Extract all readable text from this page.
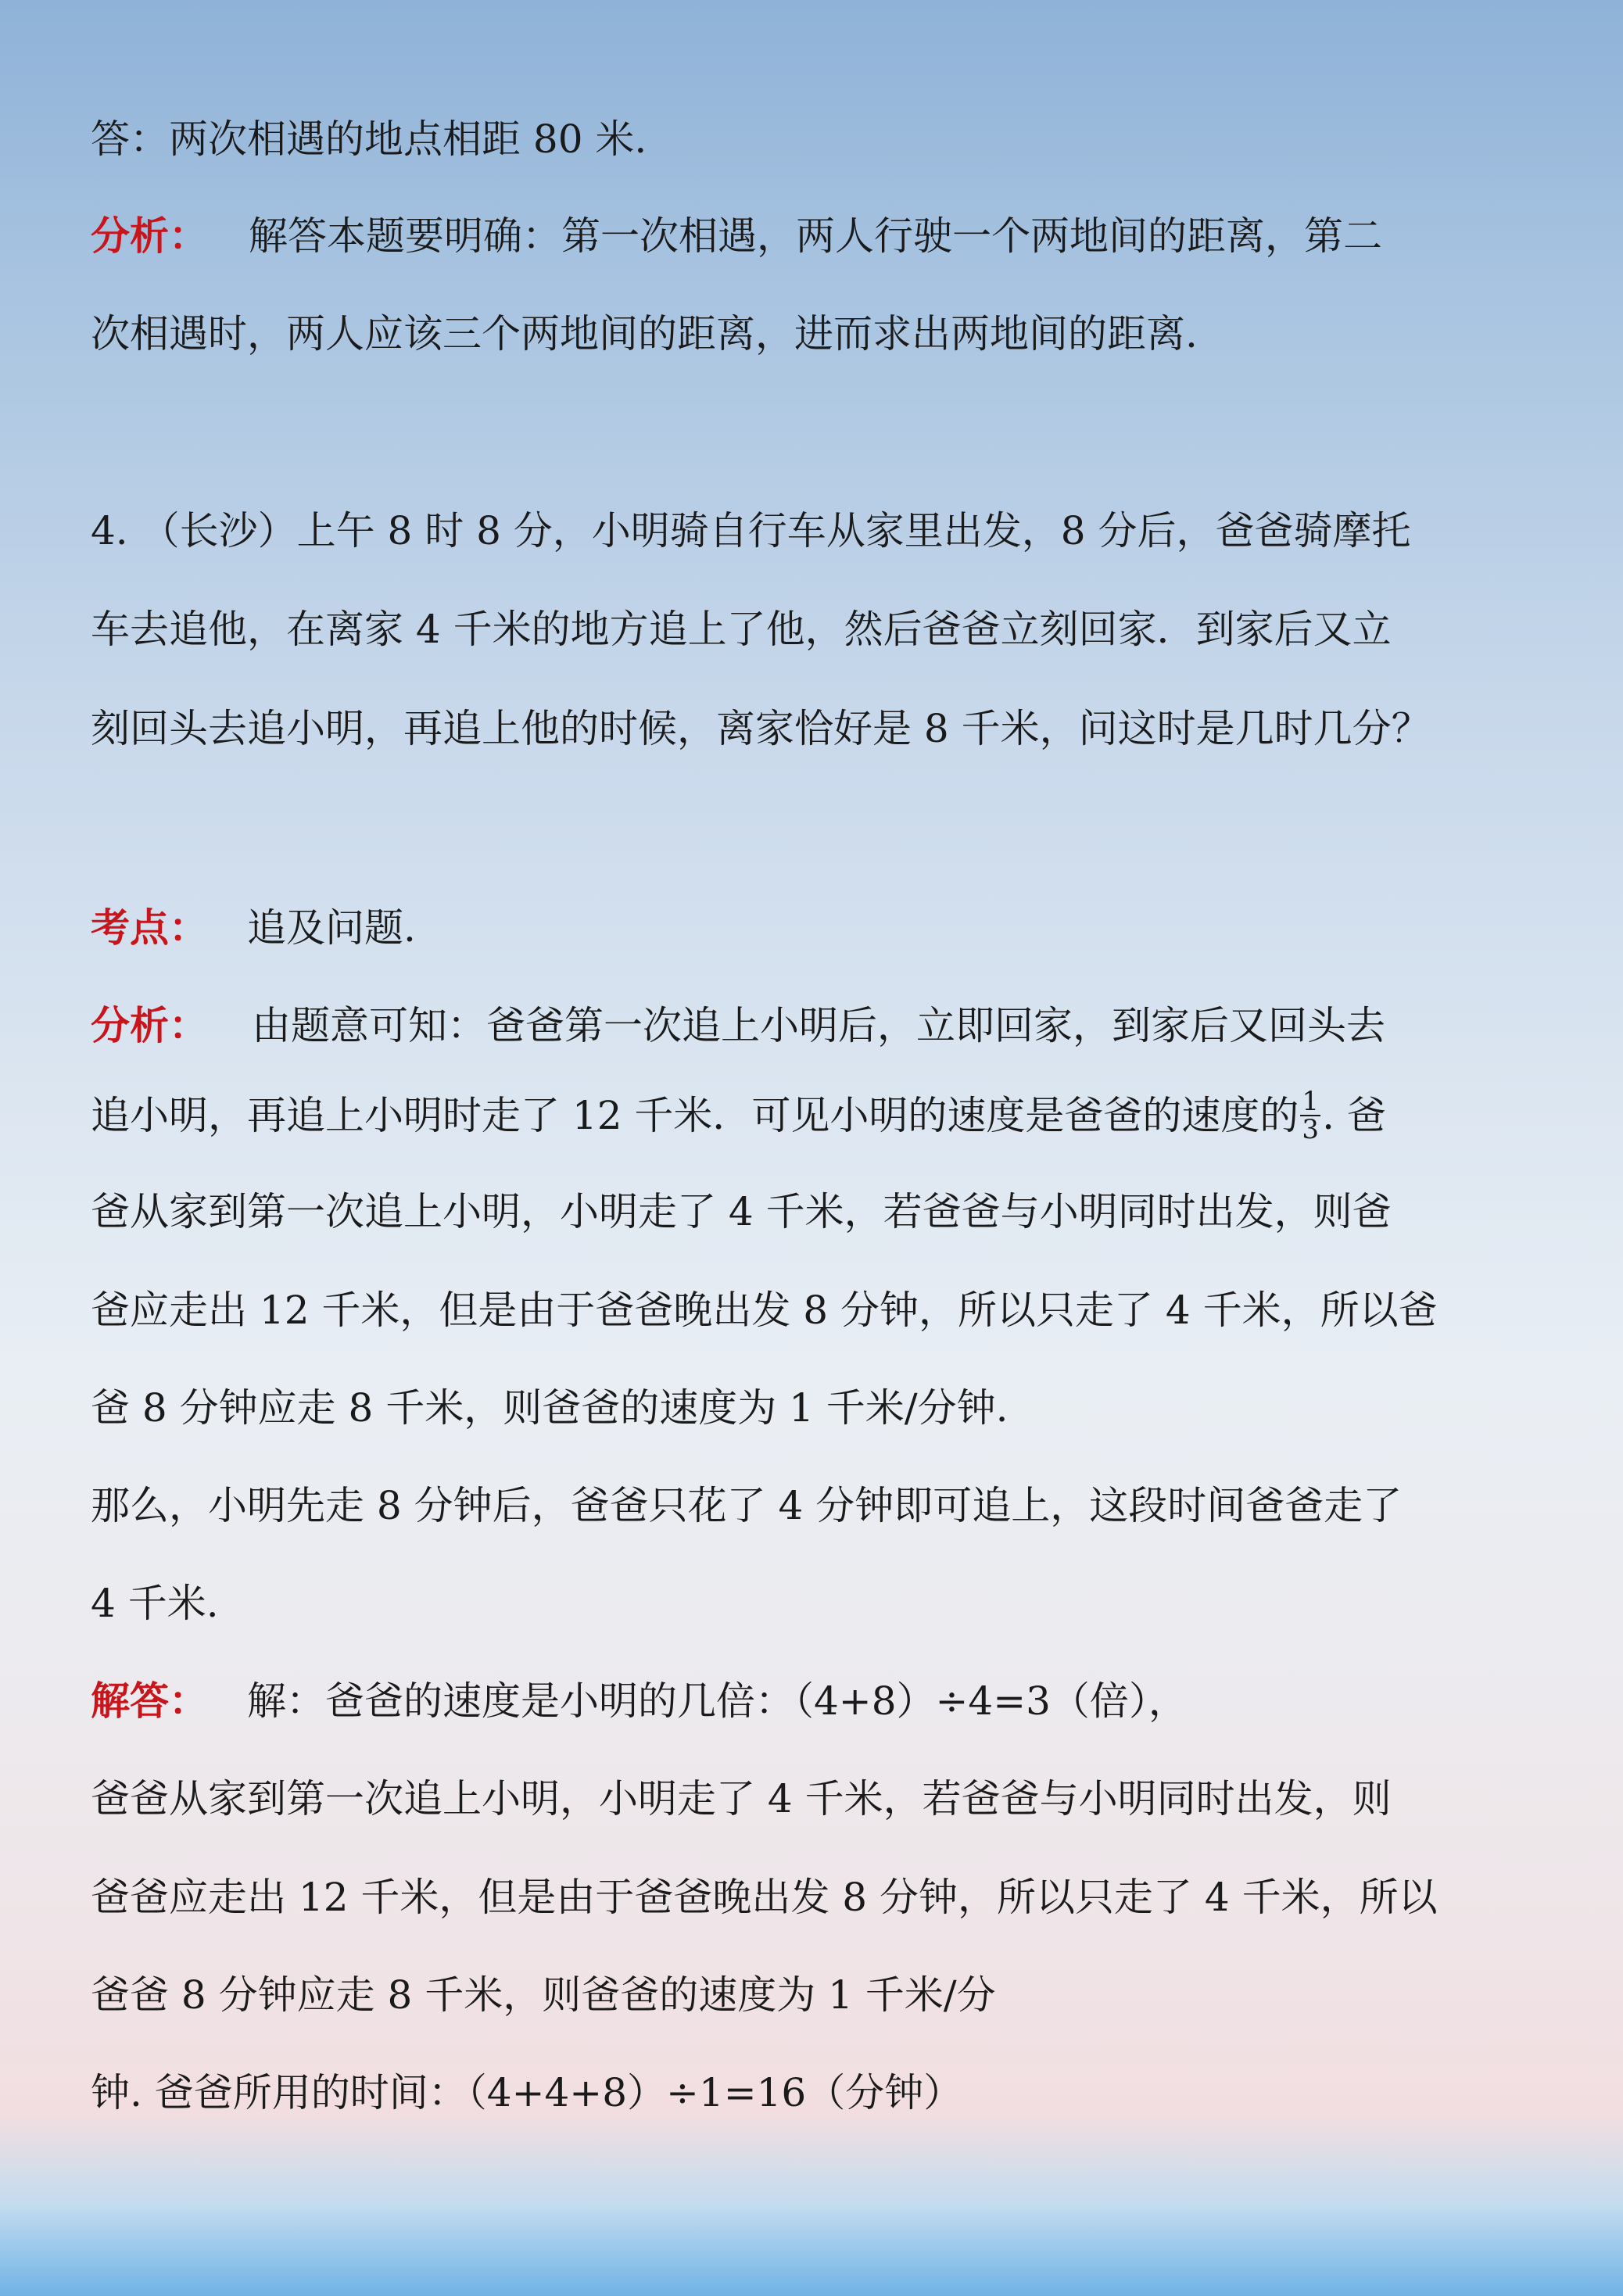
答：两次相遇的地点相距 80 米.
分析： 解答本题要明确：第一次相遇，两人行驶一个两地间的距离，第二
次相遇时，两人应该三个两地间的距离，进而求出两地间的距离.
4. （长沙）上午 8 时 8 分，小明骑自行车从家里出发，8 分后，爸爸骑摩托
车去追他，在离家 4 千米的地方追上了他，然后爸爸立刻回家．到家后又立
刻回头去追小明，再追上他的时候，离家恰好是 8 千米，问这时是几时几分？
考点： 追及问题.
分析： 由题意可知：爸爸第一次追上小明后，立即回家，到家后又回头去
追小明，再追上小明时走了 12 千米．可见小明的速度是爸爸的速度的 $\frac{1}{3}$ . 爸
爸从家到第一次追上小明，小明走了 4 千米，若爸爸与小明同时出发，则爸
爸应走出 12 千米，但是由于爸爸晚出发 8 分钟，所以只走了 4 千米，所以爸
爸 8 分钟应走 8 千米，则爸爸的速度为 1 千米/分钟.
那么，小明先走 8 分钟后，爸爸只花了 4 分钟即可追上，这段时间爸爸走了
4 千米.
解答： 解：爸爸的速度是小明的几倍：（4+8）÷4=3（倍），
爸爸从家到第一次追上小明，小明走了 4 千米，若爸爸与小明同时出发，则
爸爸应走出 12 千米，但是由于爸爸晚出发 8 分钟，所以只走了 4 千米，所以
爸爸 8 分钟应走 8 千米，则爸爸的速度为 1 千米/分
钟. 爸爸所用的时间：（4+4+8）÷1=16（分钟）
